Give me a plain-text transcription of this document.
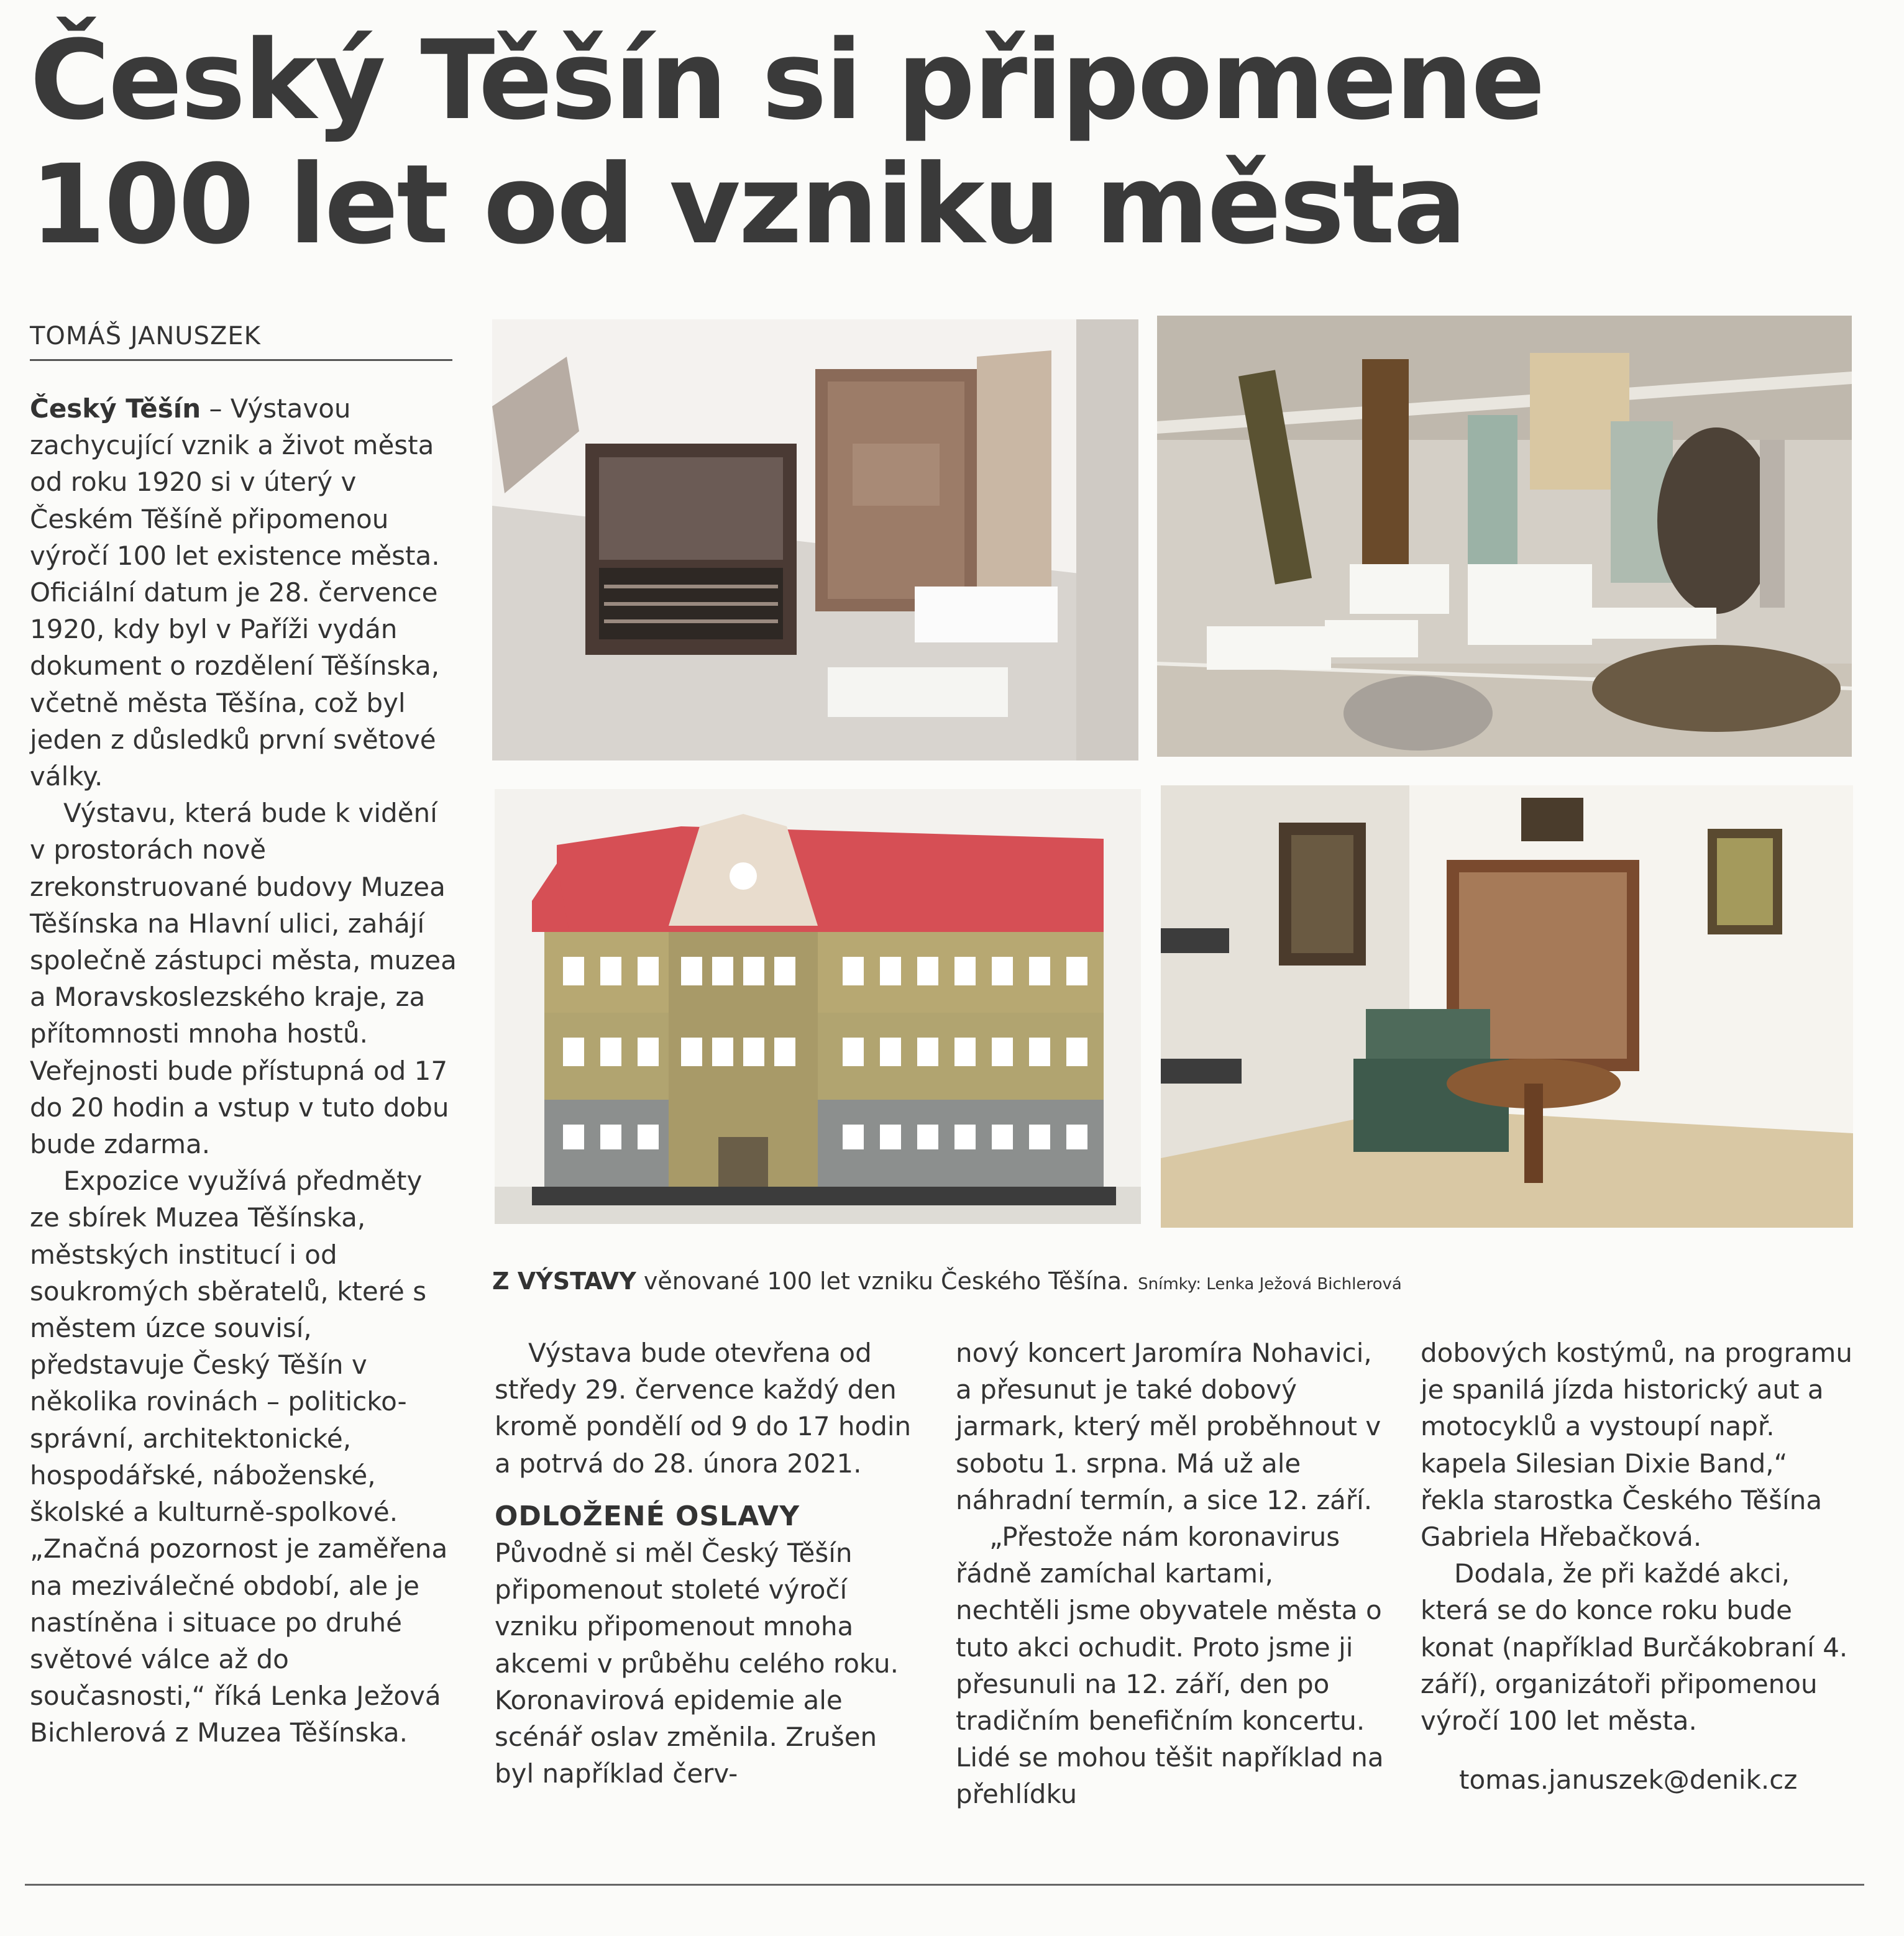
Český Těšín si připomene
100 let od vzniku města
TOMÁŠ JANUSZEK

Český Těšín – Výstavou zachycující vznik a život města od roku 1920 si v úterý v Českém Těšíně připomenou výročí 100 let existence města. Oficiální datum je 28. července 1920, kdy byl v Paříži vydán dokument o rozdělení Těšínska, včetně města Těšína, což byl jeden z důsledků první světové války.

Výstavu, která bude k vidění v prostorách nově zrekonstruované budovy Muzea Těšínska na Hlavní ulici, zahájí společně zástupci města, muzea a Moravskoslezského kraje, za přítomnosti mnoha hostů. Veřejnosti bude přístupná od 17 do 20 hodin a vstup v tuto dobu bude zdarma.

Expozice využívá předměty ze sbírek Muzea Těšínska, městských institucí i od soukromých sběratelů, které s městem úzce souvisí, představuje Český Těšín v několika rovinách – politicko-správní, architektonické, hospodářské, náboženské, školské a kulturně-spolkové. „Značná pozornost je zaměřena na meziválečné období, ale je nastíněna i situace po druhé světové válce až do současnosti,“ říká Lenka Ježová Bichlerová z Muzea Těšínska.

Z VÝSTAVY věnované 100 let vzniku Českého Těšína. Snímky: Lenka Ježová Bichlerová

Výstava bude otevřena od středy 29. července každý den kromě pondělí od 9 do 17 hodin a potrvá do 28. února 2021.

ODLOŽENÉ OSLAVY

Původně si měl Český Těšín připomenout stoleté výročí vzniku připomenout mnoha akcemi v průběhu celého roku. Koronavirová epidemie ale scénář oslav změnila. Zrušen byl například červ-

nový koncert Jaromíra Nohavici, a přesunut je také dobový jarmark, který měl proběhnout v sobotu 1. srpna. Má už ale náhradní termín, a sice 12. září.

„Přestože nám koronavirus řádně zamíchal kartami, nechtěli jsme obyvatele města o tuto akci ochudit. Proto jsme ji přesunuli na 12. září, den po tradičním benefičním koncertu. Lidé se mohou těšit například na přehlídku

dobových kostýmů, na programu je spanilá jízda historický aut a motocyklů a vystoupí např. kapela Silesian Dixie Band,“ řekla starostka Českého Těšína Gabriela Hřebačková.

Dodala, že při každé akci, která se do konce roku bude konat (například Burčákobraní 4. září), organizátoři připomenou výročí 100 let města.

tomas.januszek@denik.cz
